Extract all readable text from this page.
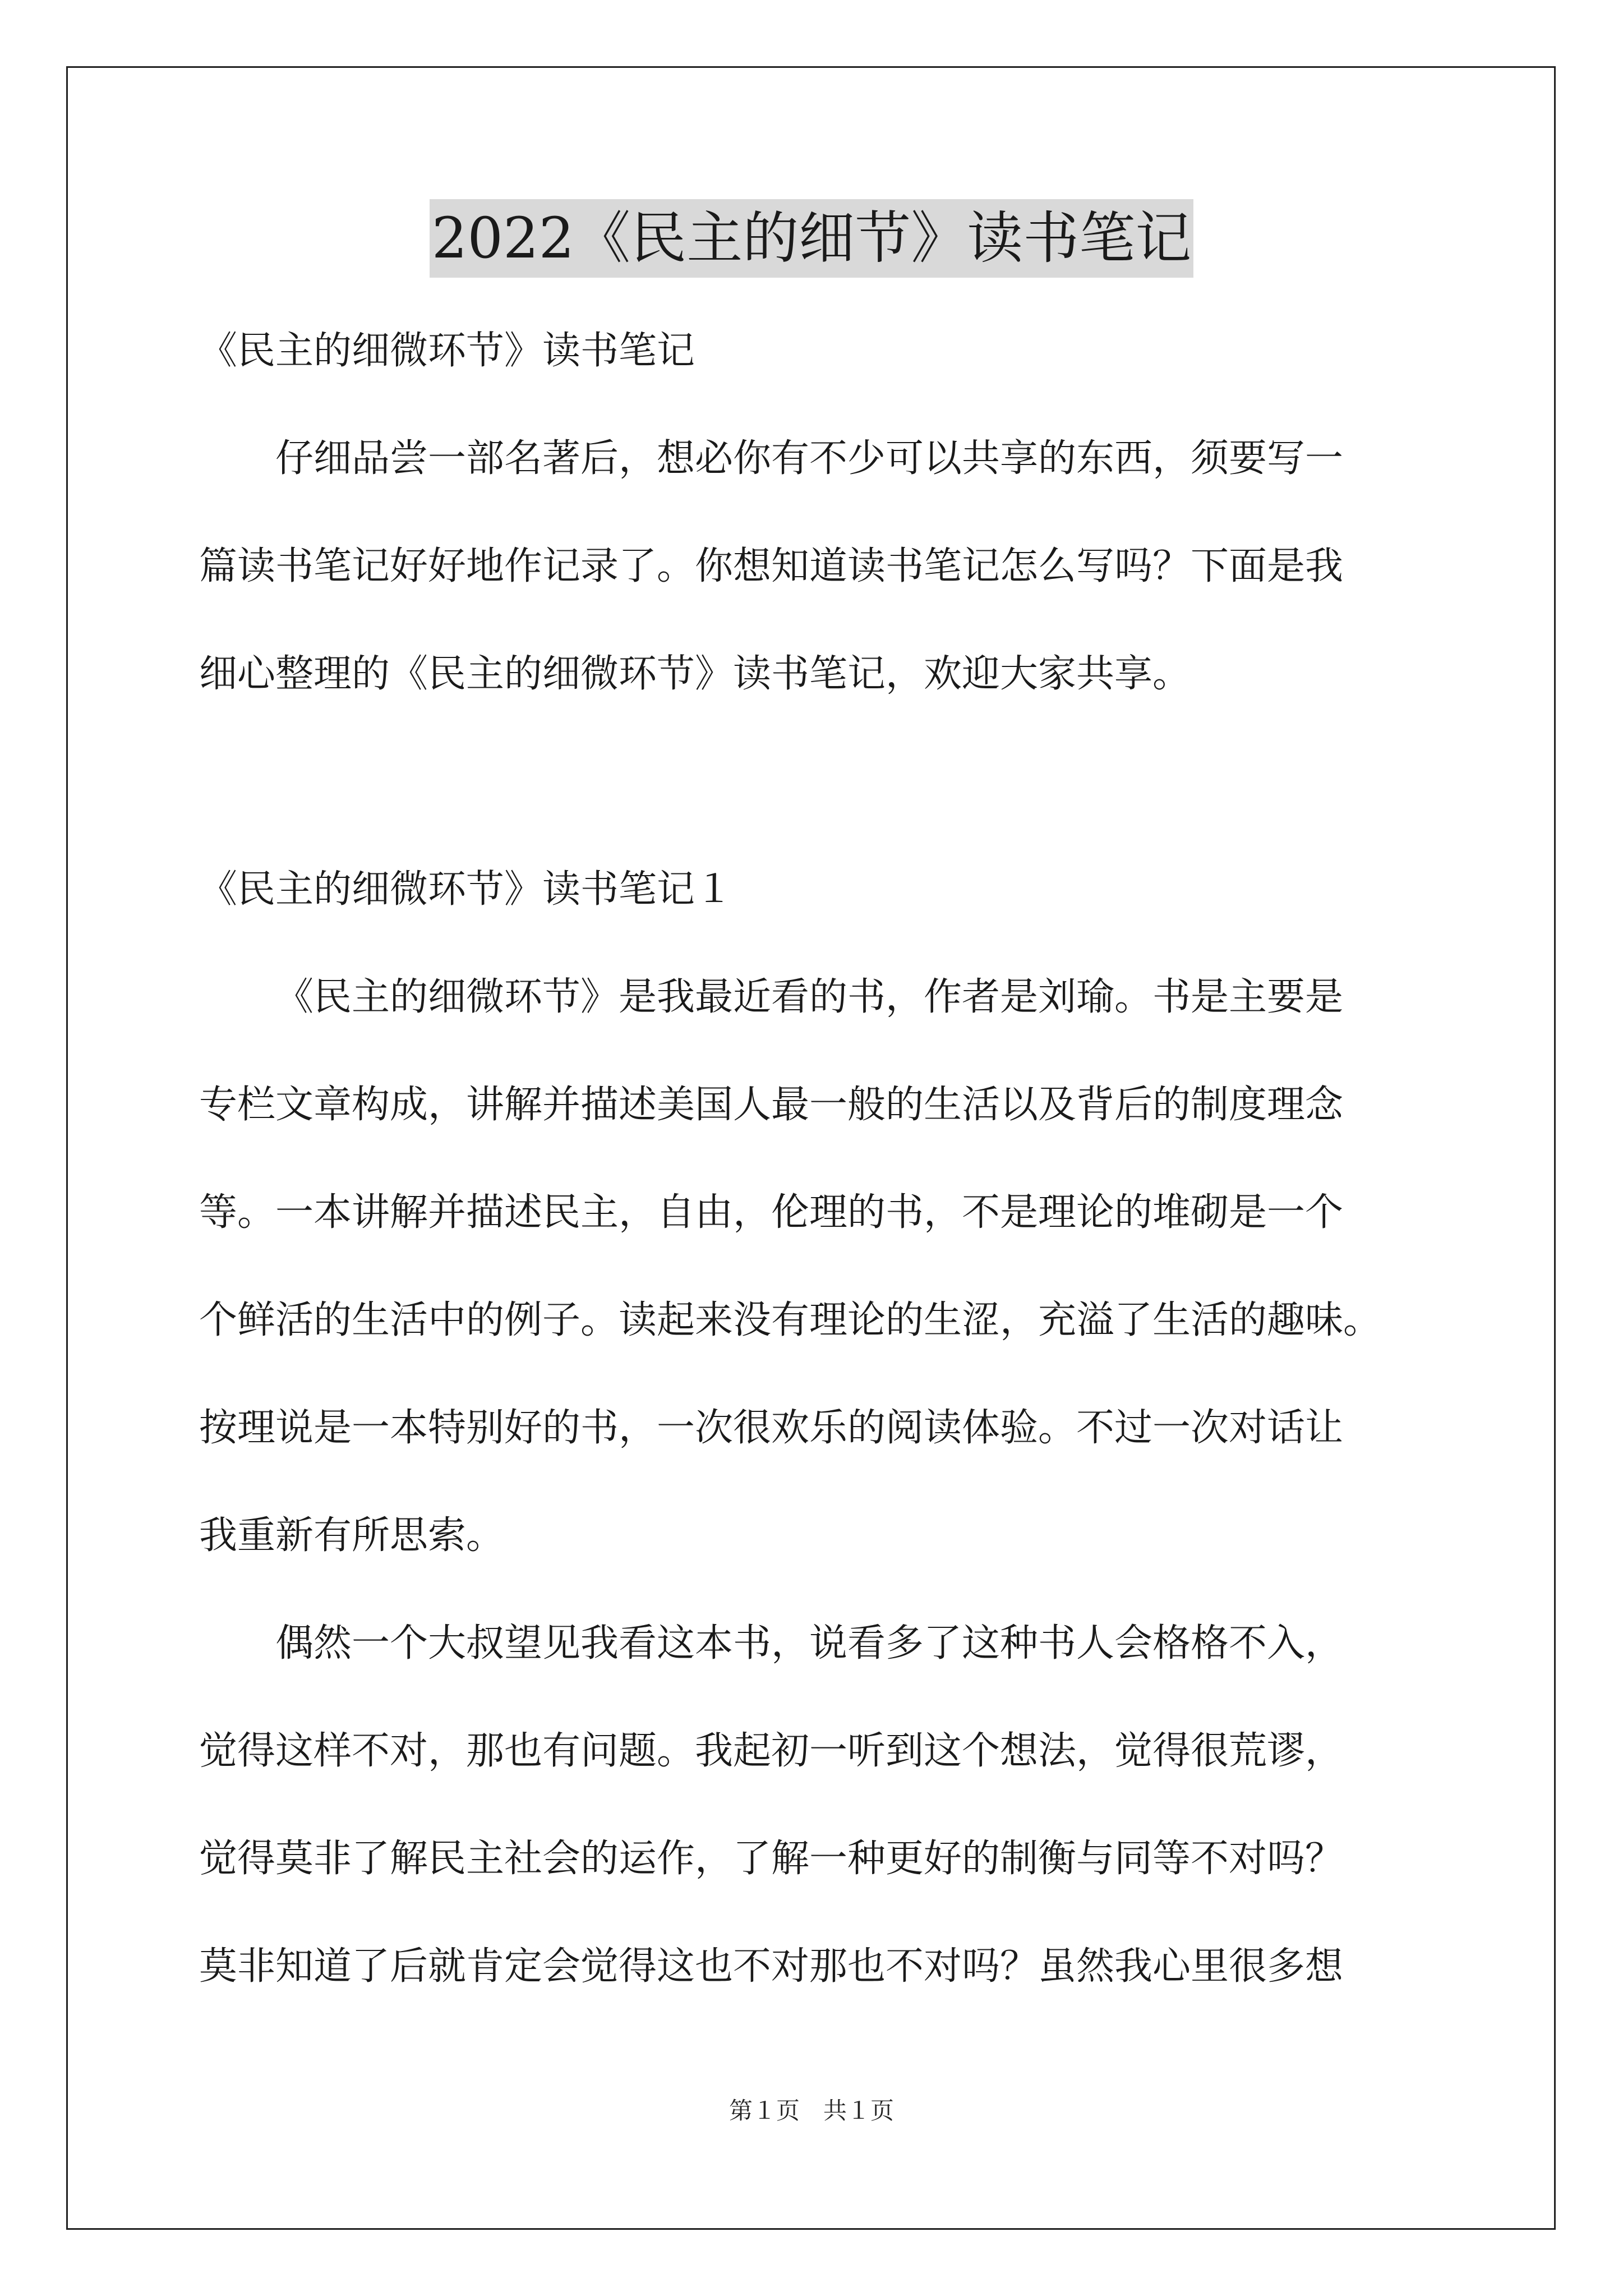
2022《民主的细节》读书笔记
《民主的细微环节》读书笔记
仔细品尝一部名著后，想必你有不少可以共享的东西，须要写一
篇读书笔记好好地作记录了。你想知道读书笔记怎么写吗？下面是我
细心整理的《民主的细微环节》读书笔记，欢迎大家共享。
《民主的细微环节》读书笔记１
《民主的细微环节》是我最近看的书，作者是刘瑜。书是主要是
专栏文章构成，讲解并描述美国人最一般的生活以及背后的制度理念
等。一本讲解并描述民主，自由，伦理的书，不是理论的堆砌是一个
个鲜活的生活中的例子。读起来没有理论的生涩，充溢了生活的趣味。
按理说是一本特别好的书，一次很欢乐的阅读体验。不过一次对话让
我重新有所思索。
偶然一个大叔望见我看这本书，说看多了这种书人会格格不入，
觉得这样不对，那也有问题。我起初一听到这个想法，觉得很荒谬，
觉得莫非了解民主社会的运作，了解一种更好的制衡与同等不对吗？
莫非知道了后就肯定会觉得这也不对那也不对吗？虽然我心里很多想
第１页　共１页
